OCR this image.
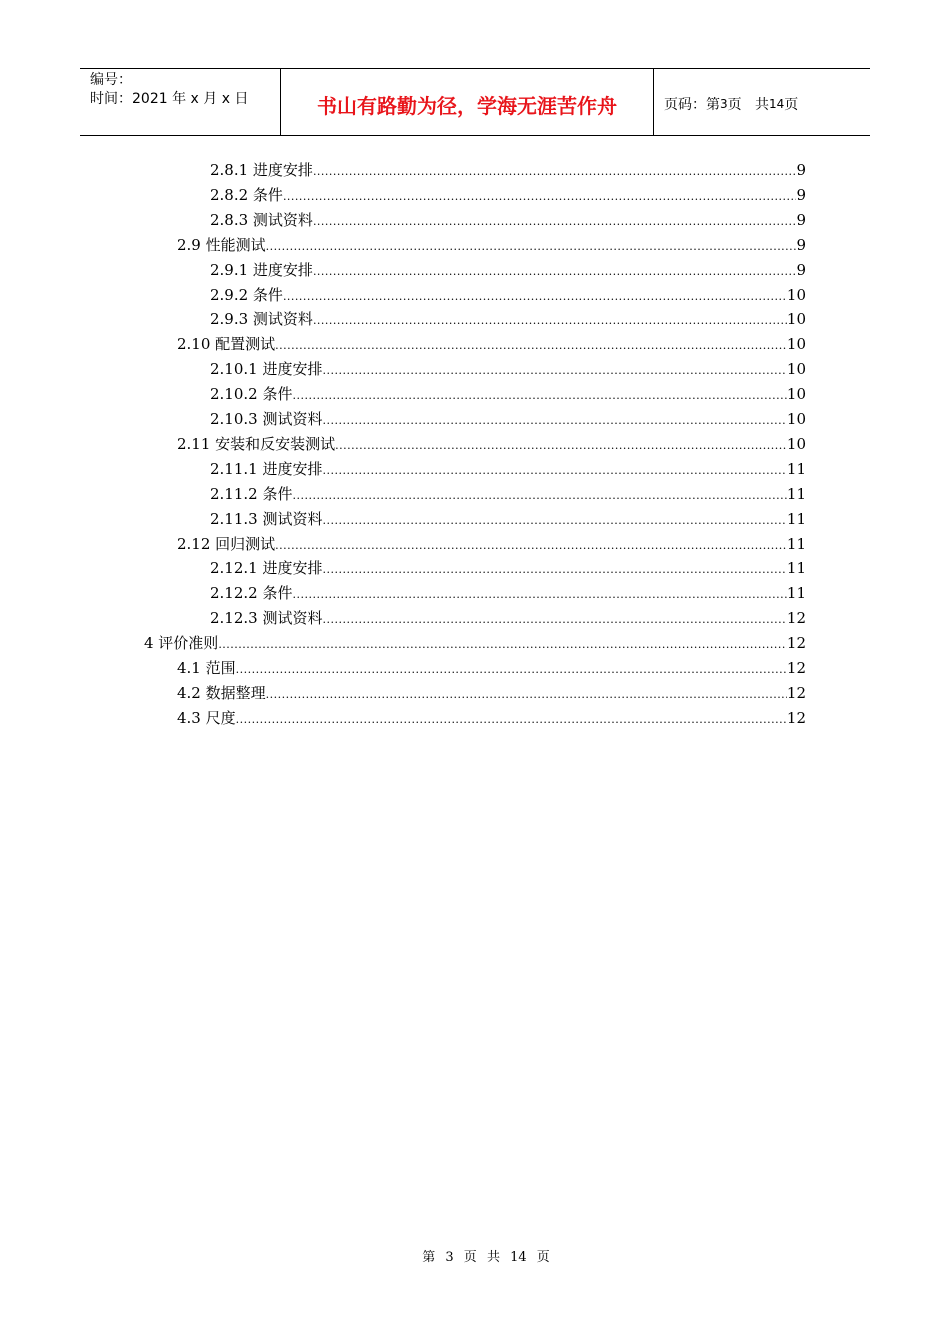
编号：
时间：2021 年 x 月 x 日	书山有路勤为径，学海无涯苦作舟	页码：第 3 页   共 14 页
2.8.1 进度安排 .....	9
2.8.2 条件 .....	9
2.8.3 测试资料 .....	9
2.9 性能测试 .....	9
2.9.1 进度安排 .....	9
2.9.2 条件 .....	10
2.9.3 测试资料 .....	10
2.10 配置测试 .....	10
2.10.1 进度安排 .....	10
2.10.2 条件 .....	10
2.10.3 测试资料 .....	10
2.11 安装和反安装测试 .....	10
2.11.1 进度安排 .....	11
2.11.2 条件 .....	11
2.11.3 测试资料 .....	11
2.12 回归测试 .....	11
2.12.1 进度安排 .....	11
2.12.2 条件 .....	11
2.12.3 测试资料 .....	12
4 评价准则 .....	12
4.1 范围 .....	12
4.2 数据整理 .....	12
4.3 尺度 .....	12
第 3 页 共 14 页
